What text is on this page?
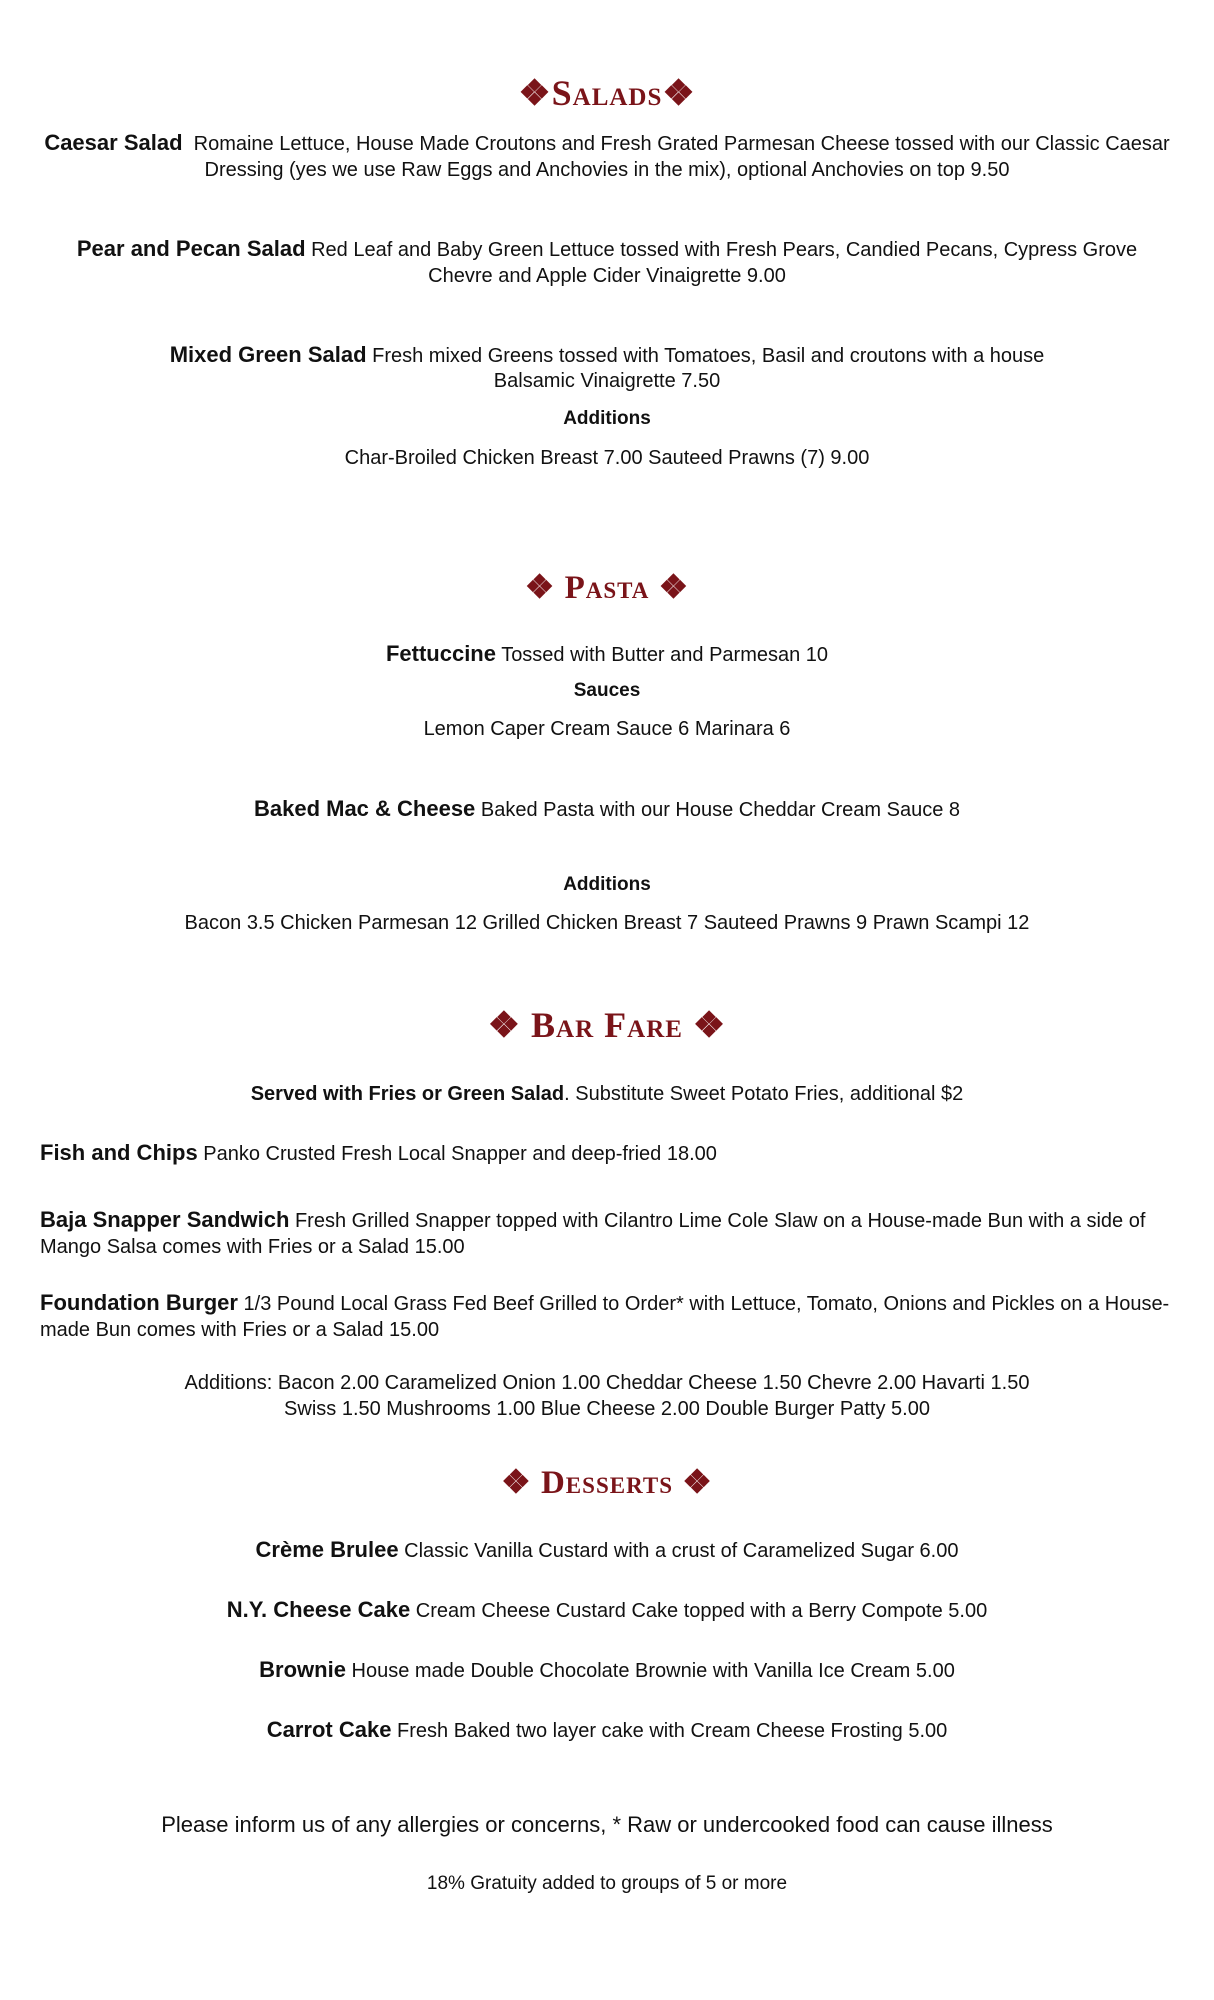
❖Salads❖
Caesar Salad Romaine Lettuce, House Made Croutons and Fresh Grated Parmesan Cheese tossed with our Classic Caesar
Dressing (yes we use Raw Eggs and Anchovies in the mix), optional Anchovies on top 9.50
Pear and Pecan Salad Red Leaf and Baby Green Lettuce tossed with Fresh Pears, Candied Pecans, Cypress Grove
Chevre and Apple Cider Vinaigrette 9.00
Mixed Green Salad Fresh mixed Greens tossed with Tomatoes, Basil and croutons with a house
Balsamic Vinaigrette 7.50
Additions
Char-Broiled Chicken Breast 7.00 Sauteed Prawns (7) 9.00
❖ Pasta ❖
Fettuccine Tossed with Butter and Parmesan 10
Sauces
Lemon Caper Cream Sauce 6 Marinara 6
Baked Mac & Cheese Baked Pasta with our House Cheddar Cream Sauce 8
Additions
Bacon 3.5 Chicken Parmesan 12 Grilled Chicken Breast 7 Sauteed Prawns 9 Prawn Scampi 12
❖ Bar Fare ❖
Served with Fries or Green Salad. Substitute Sweet Potato Fries, additional $2
Fish and Chips Panko Crusted Fresh Local Snapper and deep-fried 18.00
Baja Snapper Sandwich Fresh Grilled Snapper topped with Cilantro Lime Cole Slaw on a House-made Bun with a side of
Mango Salsa comes with Fries or a Salad 15.00
Foundation Burger 1/3 Pound Local Grass Fed Beef Grilled to Order* with Lettuce, Tomato, Onions and Pickles on a House-
made Bun comes with Fries or a Salad 15.00
Additions: Bacon 2.00 Caramelized Onion 1.00 Cheddar Cheese 1.50 Chevre 2.00 Havarti 1.50
Swiss 1.50 Mushrooms 1.00 Blue Cheese 2.00 Double Burger Patty 5.00
❖ Desserts ❖
Crème Brulee Classic Vanilla Custard with a crust of Caramelized Sugar 6.00
N.Y. Cheese Cake Cream Cheese Custard Cake topped with a Berry Compote 5.00
Brownie House made Double Chocolate Brownie with Vanilla Ice Cream 5.00
Carrot Cake Fresh Baked two layer cake with Cream Cheese Frosting 5.00
Please inform us of any allergies or concerns, * Raw or undercooked food can cause illness
18% Gratuity added to groups of 5 or more
